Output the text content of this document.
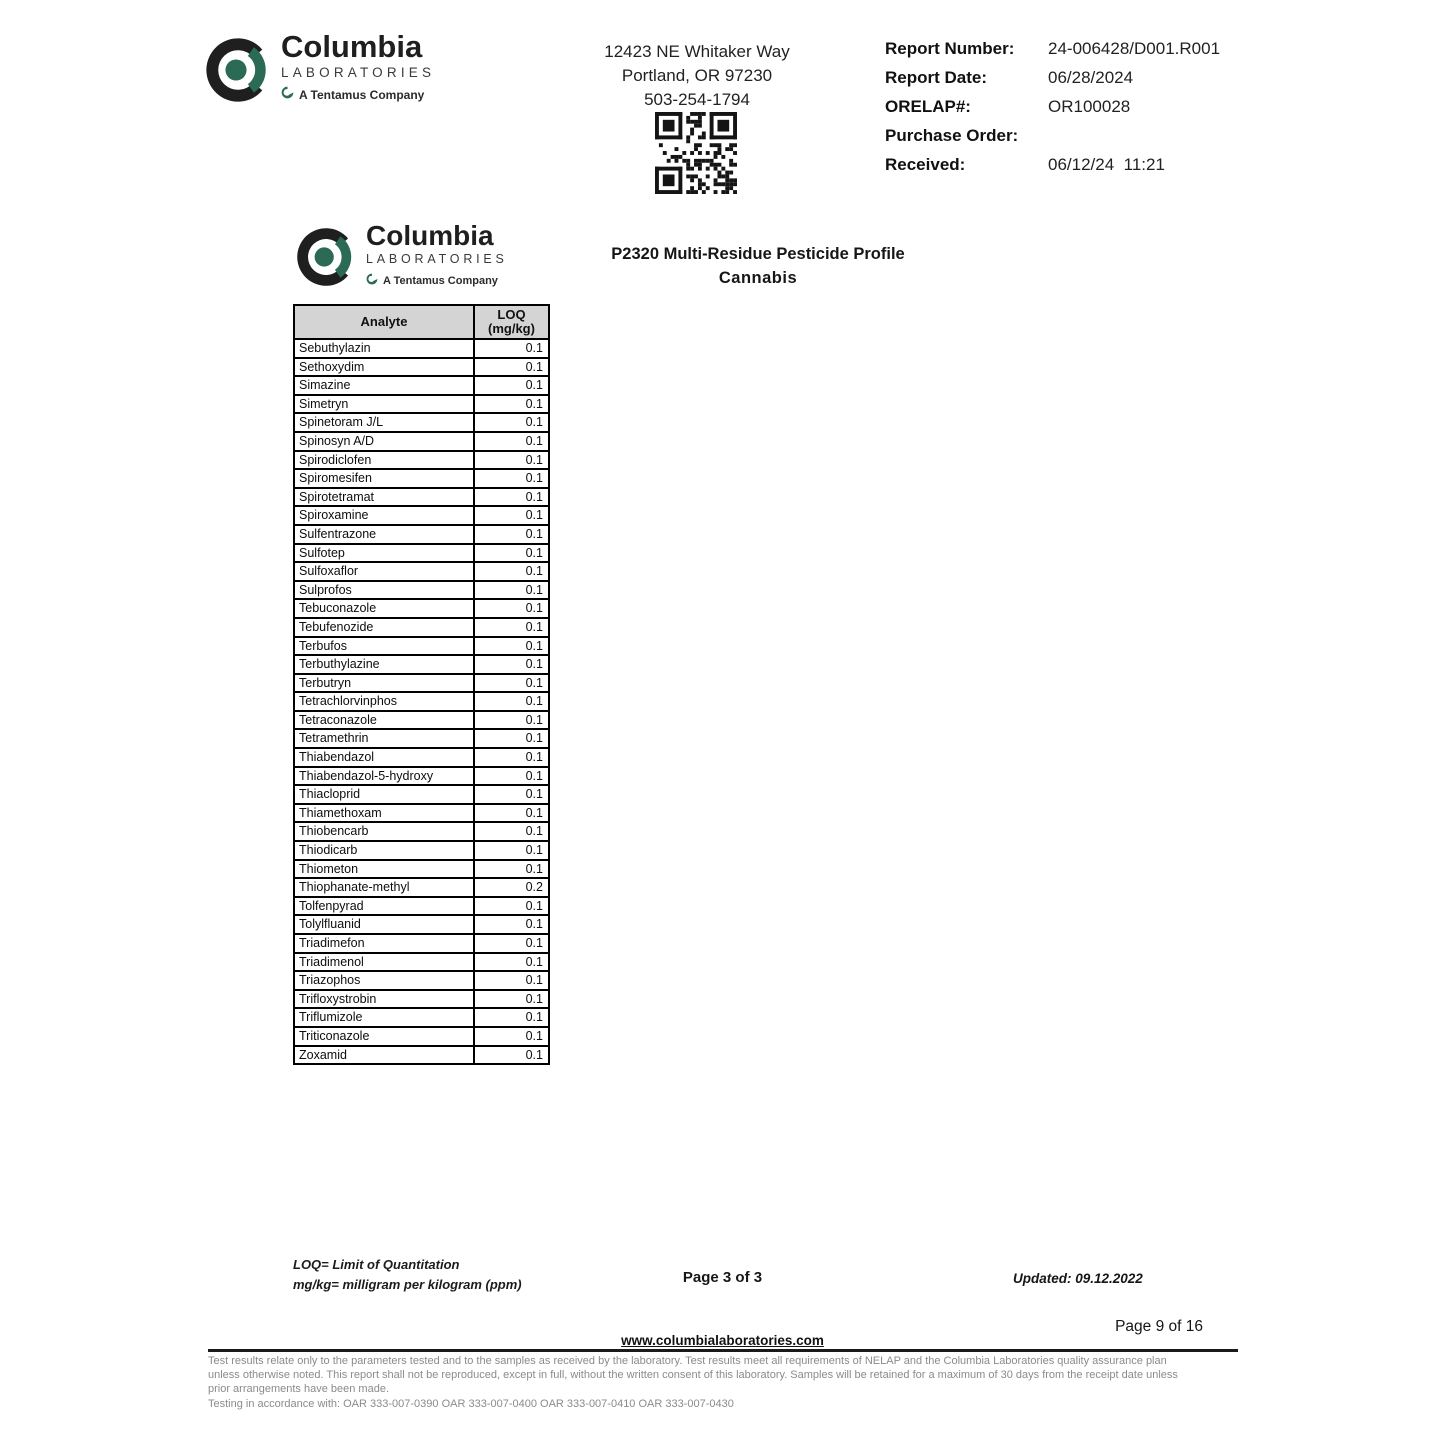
Columbia
LABORATORIES
A Tentamus Company
12423 NE Whitaker Way
Portland, OR 97230
503-254-1794
Report Number: 24-006428/D001.R001
Report Date:	06/28/2024
ORELAP#:	OR100028
Purchase Order:
Received:	06/12/24  11:21
Columbia
LABORATORIES
A Tentamus Company
P2320 Multi-Residue Pesticide Profile
Cannabis
Analyte	LOQ
(mg/kg)

Sebuthylazin	0.1
Sethoxydim	0.1
Simazine	0.1
Simetryn	0.1
Spinetoram J/L	0.1
Spinosyn A/D	0.1
Spirodiclofen	0.1
Spiromesifen	0.1
Spirotetramat	0.1
Spiroxamine	0.1
Sulfentrazone	0.1
Sulfotep	0.1
Sulfoxaflor	0.1
Sulprofos	0.1
Tebuconazole	0.1
Tebufenozide	0.1
Terbufos	0.1
Terbuthylazine	0.1
Terbutryn	0.1
Tetrachlorvinphos	0.1
Tetraconazole	0.1
Tetramethrin	0.1
Thiabendazol	0.1
Thiabendazol-5-hydroxy	0.1
Thiacloprid	0.1
Thiamethoxam	0.1
Thiobencarb	0.1
Thiodicarb	0.1
Thiometon	0.1
Thiophanate-methyl	0.2
Tolfenpyrad	0.1
Tolylfluanid	0.1
Triadimefon	0.1
Triadimenol	0.1
Triazophos	0.1
Trifloxystrobin	0.1
Triflumizole	0.1
Triticonazole	0.1
Zoxamid	0.1
LOQ= Limit of Quantitation
mg/kg= milligram per kilogram (ppm)	Page 3 of 3	Updated: 09.12.2022
Page 9 of 16
www.columbialaboratories.com
Test results relate only to the parameters tested and to the samples as received by the laboratory. Test results meet all requirements of NELAP and the Columbia Laboratories quality assurance plan
unless otherwise noted. This report shall not be reproduced, except in full, without the written consent of this laboratory. Samples will be retained for a maximum of 30 days from the receipt date unless
prior arrangements have been made.
Testing in accordance with: OAR 333-007-0390 OAR 333-007-0400 OAR 333-007-0410 OAR 333-007-0430
